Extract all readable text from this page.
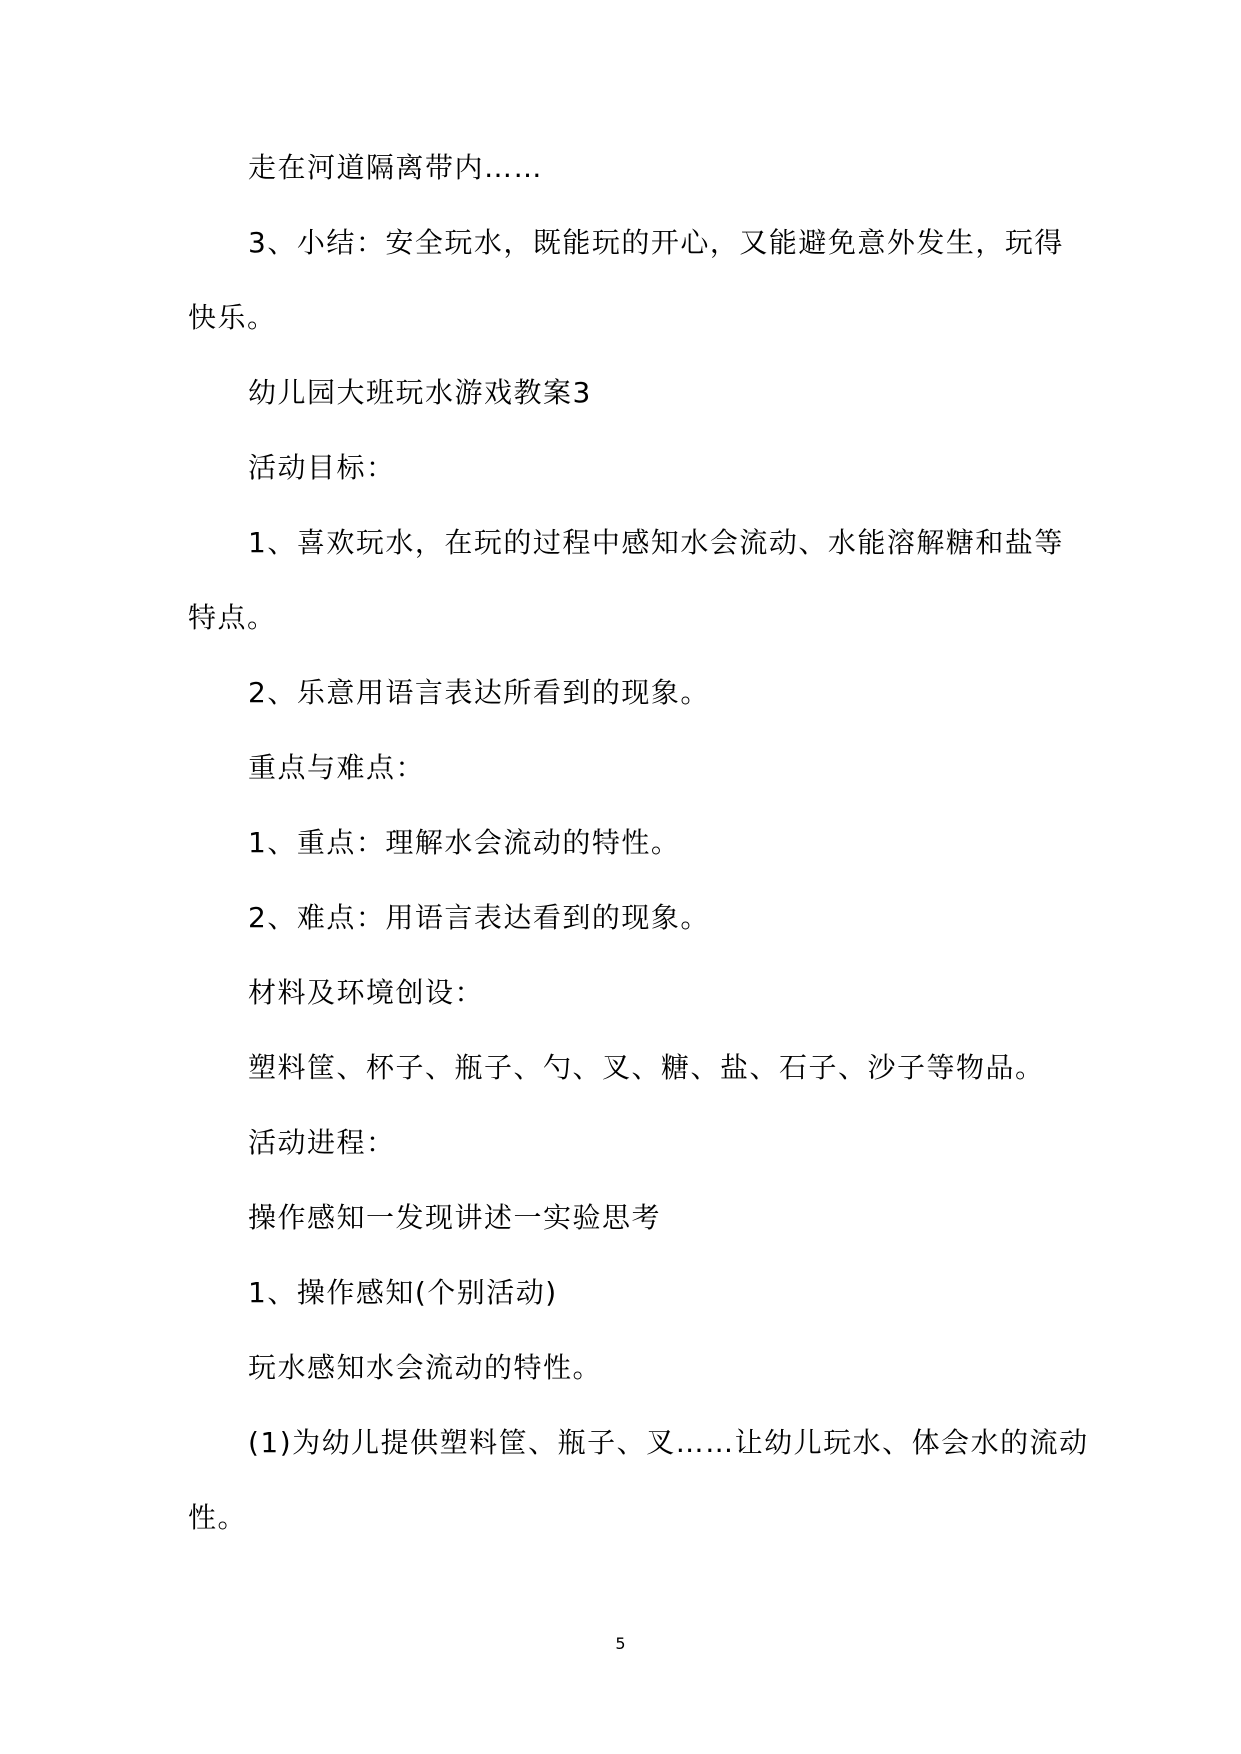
走在河道隔离带内……
3、小结：安全玩水，既能玩的开心，又能避免意外发生，玩得
快乐。
幼儿园大班玩水游戏教案3
活动目标：
1、喜欢玩水，在玩的过程中感知水会流动、水能溶解糖和盐等
特点。
2、乐意用语言表达所看到的现象。
重点与难点：
1、重点：理解水会流动的特性。
2、难点：用语言表达看到的现象。
材料及环境创设：
塑料筐、杯子、瓶子、勺、叉、糖、盐、石子、沙子等物品。
活动进程：
操作感知一发现讲述一实验思考
1、操作感知(个别活动)
玩水感知水会流动的特性。
(1)为幼儿提供塑料筐、瓶子、叉……让幼儿玩水、体会水的流动
性。
5
